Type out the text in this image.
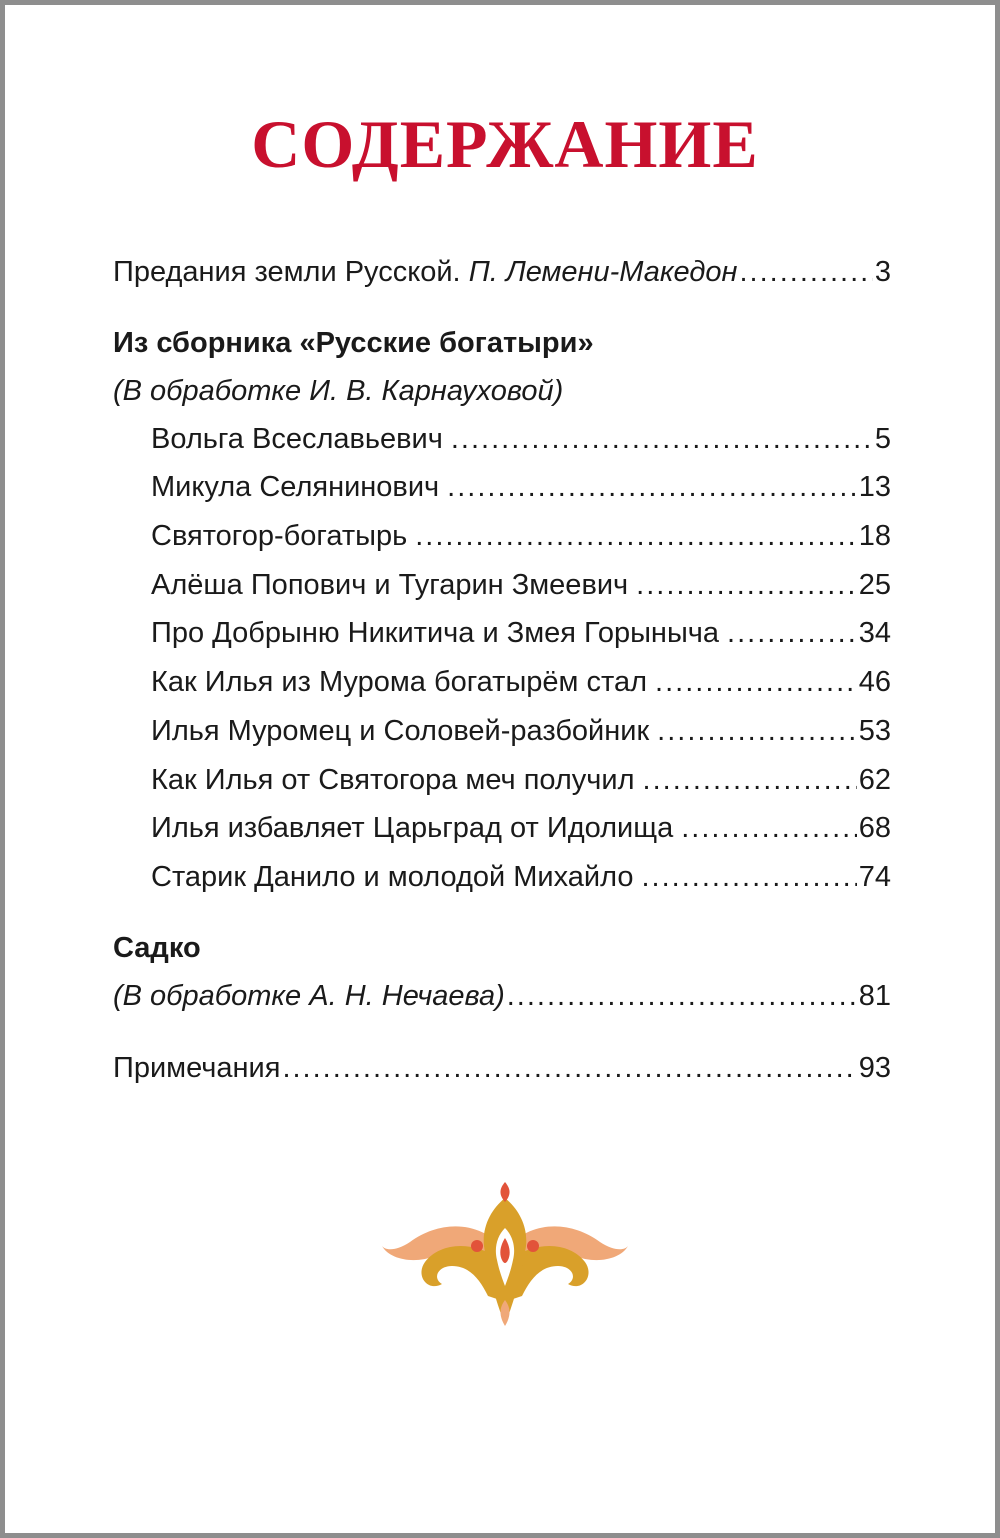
СОДЕРЖАНИЕ
Предания земли Русской. П. Лемени-Македон .....	3
Из сборника «Русские богатыри»
(В обработке И. В. Карнауховой)
Вольга Всеславьевич .....	5
Микула Селянинович .....	13
Святогор-богатырь .....	18
Алёша Попович и Тугарин Змеевич .....	25
Про Добрыню Никитича и Змея Горыныча .....	34
Как Илья из Мурома богатырём стал .....	46
Илья Муромец и Соловей-разбойник .....	53
Как Илья от Святогора меч получил .....	62
Илья избавляет Царьград от Идолища .....	68
Старик Данило и молодой Михайло .....	74
Садко
(В обработке А. Н. Нечаева) .....	81
Примечания .....	93
